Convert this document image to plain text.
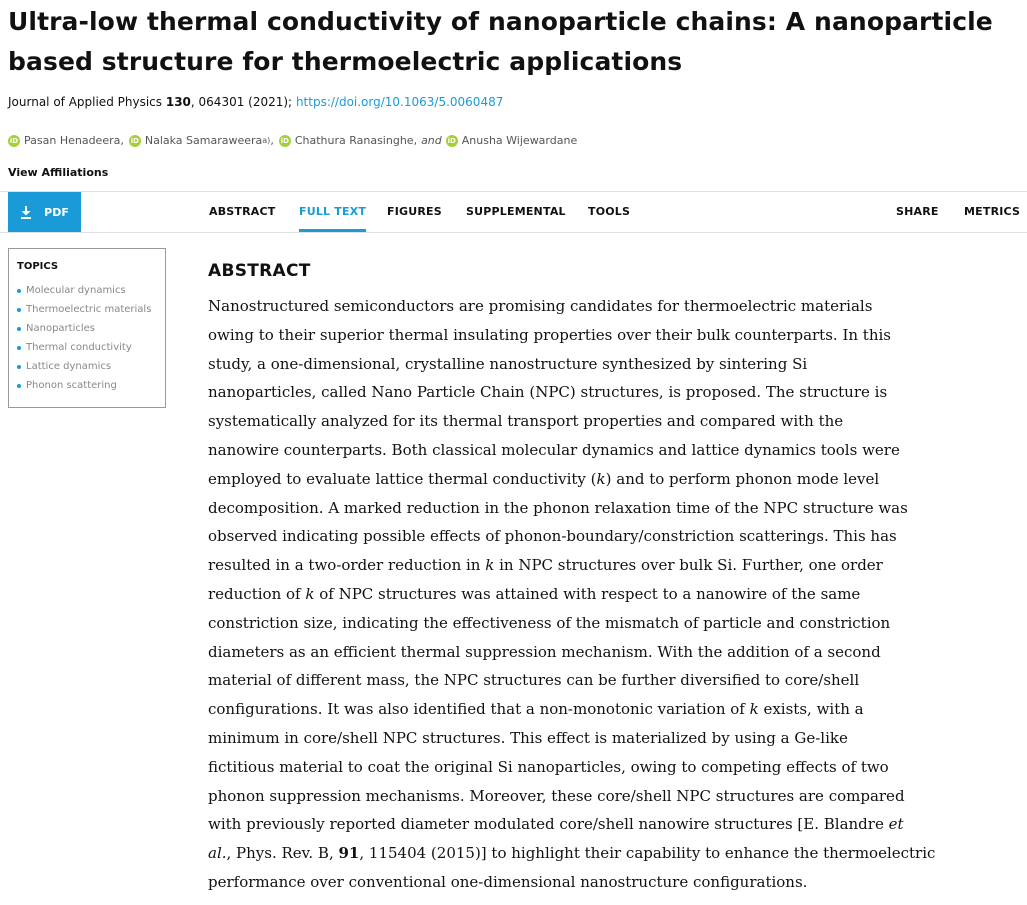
Ultra-low thermal conductivity of nanoparticle chains: A nanoparticle based structure for thermoelectric applications
Journal of Applied Physics 130, 064301 (2021); https://doi.org/10.1063/5.0060487
iD Pasan Henadeera , iD Nalaka Samaraweera a) , iD Chathura Ranasinghe , and iD Anusha Wijewardane
View Affiliations
PDF	ABSTRACT FULL TEXT FIGURES SUPPLEMENTAL TOOLS	SHARE METRICS
TOPICS
Molecular dynamics
Thermoelectric materials
Nanoparticles
Thermal conductivity
Lattice dynamics
Phonon scattering
ABSTRACT
Nanostructured semiconductors are promising candidates for thermoelectric materials
owing to their superior thermal insulating properties over their bulk counterparts. In this
study, a one-dimensional, crystalline nanostructure synthesized by sintering Si
nanoparticles, called Nano Particle Chain (NPC) structures, is proposed. The structure is
systematically analyzed for its thermal transport properties and compared with the
nanowire counterparts. Both classical molecular dynamics and lattice dynamics tools were
employed to evaluate lattice thermal conductivity (k) and to perform phonon mode level
decomposition. A marked reduction in the phonon relaxation time of the NPC structure was
observed indicating possible effects of phonon-boundary/constriction scatterings. This has
resulted in a two-order reduction in k in NPC structures over bulk Si. Further, one order
reduction of k of NPC structures was attained with respect to a nanowire of the same
constriction size, indicating the effectiveness of the mismatch of particle and constriction
diameters as an efficient thermal suppression mechanism. With the addition of a second
material of different mass, the NPC structures can be further diversified to core/shell
configurations. It was also identified that a non-monotonic variation of k exists, with a
minimum in core/shell NPC structures. This effect is materialized by using a Ge-like
fictitious material to coat the original Si nanoparticles, owing to competing effects of two
phonon suppression mechanisms. Moreover, these core/shell NPC structures are compared
with previously reported diameter modulated core/shell nanowire structures [E. Blandre et
al., Phys. Rev. B, 91, 115404 (2015)] to highlight their capability to enhance the thermoelectric
performance over conventional one-dimensional nanostructure configurations.
